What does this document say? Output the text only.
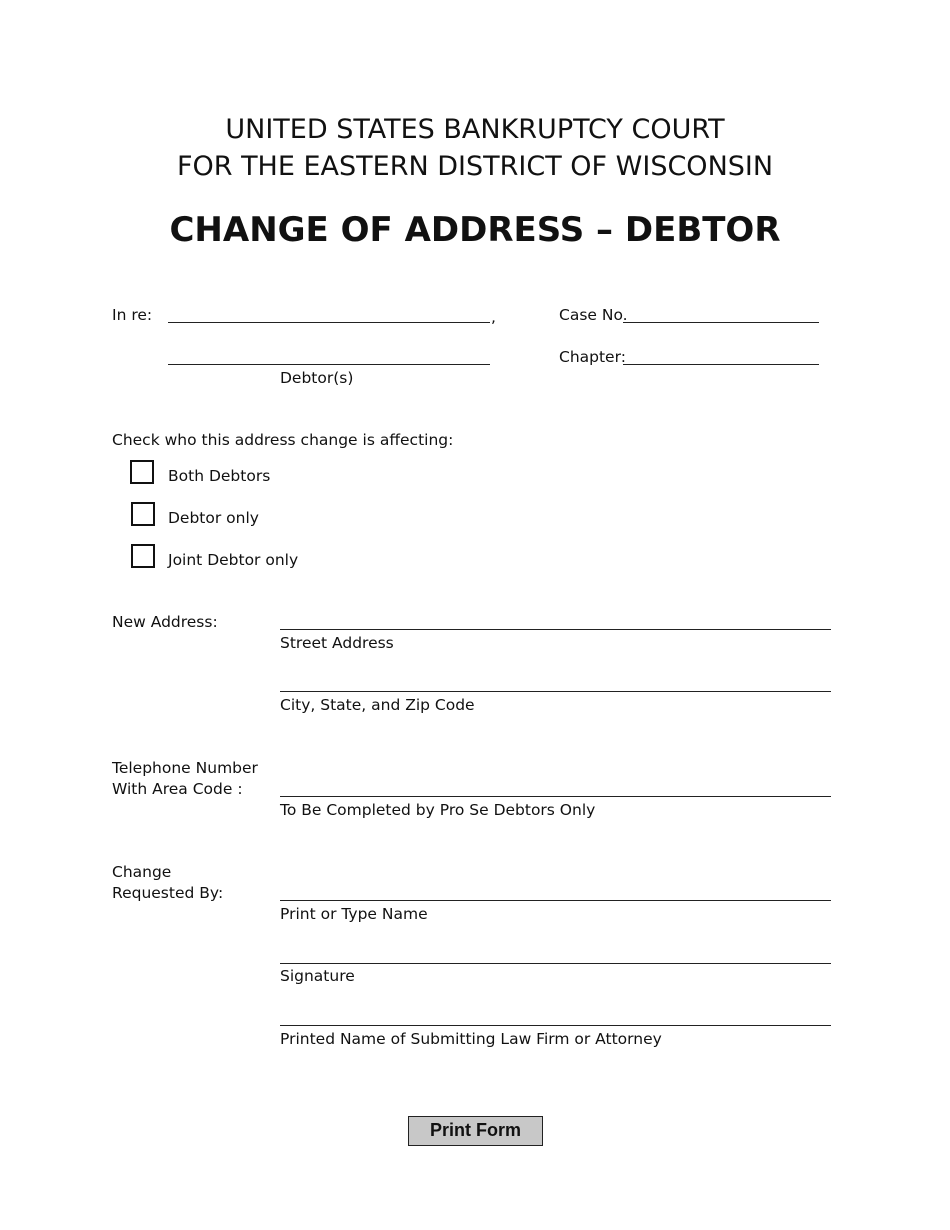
UNITED STATES BANKRUPTCY COURT
FOR THE EASTERN DISTRICT OF WISCONSIN
CHANGE OF ADDRESS – DEBTOR
In re:	,
Debtor(s)
Case No.
Chapter:
Check who this address change is affecting:
Both Debtors
Debtor only
Joint Debtor only
New Address:
Street Address
City, State, and Zip Code
Telephone Number
With Area Code :
To Be Completed by Pro Se Debtors Only
Change
Requested By:
Print or Type Name
Signature
Printed Name of Submitting Law Firm or Attorney
Print Form
